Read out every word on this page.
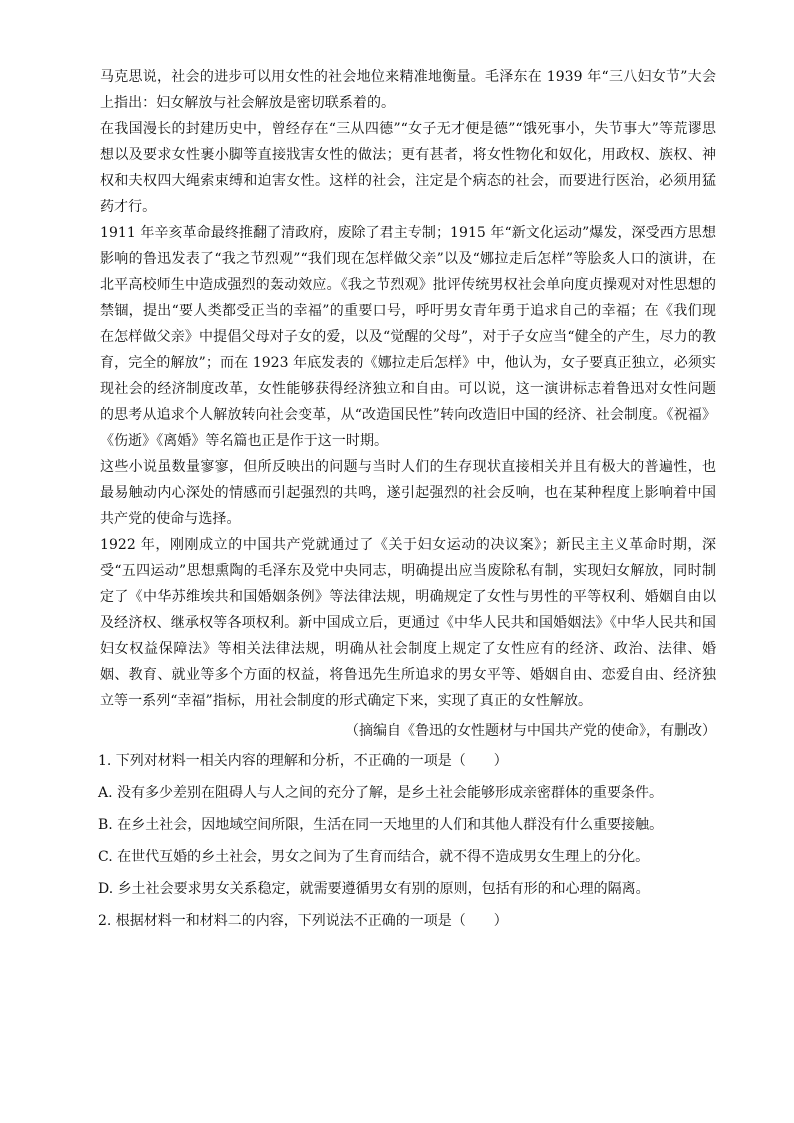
马克思说，社会的进步可以用女性的社会地位来精准地衡量。毛泽东在 1939 年“三八妇女节”大会上指出：妇女解放与社会解放是密切联系着的。

在我国漫长的封建历史中，曾经存在“三从四德”“女子无才便是德”“饿死事小，失节事大”等荒谬思想以及要求女性裹小脚等直接戕害女性的做法；更有甚者，将女性物化和奴化，用政权、族权、神权和夫权四大绳索束缚和迫害女性。这样的社会，注定是个病态的社会，而要进行医治，必须用猛药才行。

1911 年辛亥革命最终推翻了清政府，废除了君主专制；1915 年“新文化运动”爆发，深受西方思想影响的鲁迅发表了“我之节烈观”“我们现在怎样做父亲”以及“娜拉走后怎样”等脍炙人口的演讲，在北平高校师生中造成强烈的轰动效应。《我之节烈观》批评传统男权社会单向度贞操观对对性思想的禁锢，提出“要人类都受正当的幸福”的重要口号，呼吁男女青年勇于追求自己的幸福；在《我们现在怎样做父亲》中提倡父母对子女的爱，以及“觉醒的父母”，对于子女应当“健全的产生，尽力的教育，完全的解放”；而在 1923 年底发表的《娜拉走后怎样》中，他认为，女子要真正独立，必须实现社会的经济制度改革，女性能够获得经济独立和自由。可以说，这一演讲标志着鲁迅对女性问题的思考从追求个人解放转向社会变革，从“改造国民性”转向改造旧中国的经济、社会制度。《祝福》《伤逝》《离婚》等名篇也正是作于这一时期。

这些小说虽数量寥寥，但所反映出的问题与当时人们的生存现状直接相关并且有极大的普遍性，也最易触动内心深处的情感而引起强烈的共鸣，遂引起强烈的社会反响，也在某种程度上影响着中国共产党的使命与选择。

1922 年，刚刚成立的中国共产党就通过了《关于妇女运动的决议案》；新民主主义革命时期，深受“五四运动”思想熏陶的毛泽东及党中央同志，明确提出应当废除私有制，实现妇女解放，同时制定了《中华苏维埃共和国婚姻条例》等法律法规，明确规定了女性与男性的平等权利、婚姻自由以及经济权、继承权等各项权利。新中国成立后，更通过《中华人民共和国婚姻法》《中华人民共和国妇女权益保障法》等相关法律法规，明确从社会制度上规定了女性应有的经济、政治、法律、婚姻、教育、就业等多个方面的权益，将鲁迅先生所追求的男女平等、婚姻自由、恋爱自由、经济独立等一系列“幸福”指标，用社会制度的形式确定下来，实现了真正的女性解放。

（摘编自《鲁迅的女性题材与中国共产党的使命》，有删改）

1. 下列对材料一相关内容的理解和分析，不正确的一项是（　　）

A. 没有多少差别在阻碍人与人之间的充分了解，是乡土社会能够形成亲密群体的重要条件。

B. 在乡土社会，因地域空间所限，生活在同一天地里的人们和其他人群没有什么重要接触。

C. 在世代互婚的乡土社会，男女之间为了生育而结合，就不得不造成男女生理上的分化。

D. 乡土社会要求男女关系稳定，就需要遵循男女有别的原则，包括有形的和心理的隔离。

2. 根据材料一和材料二的内容，下列说法不正确的一项是（　　）
